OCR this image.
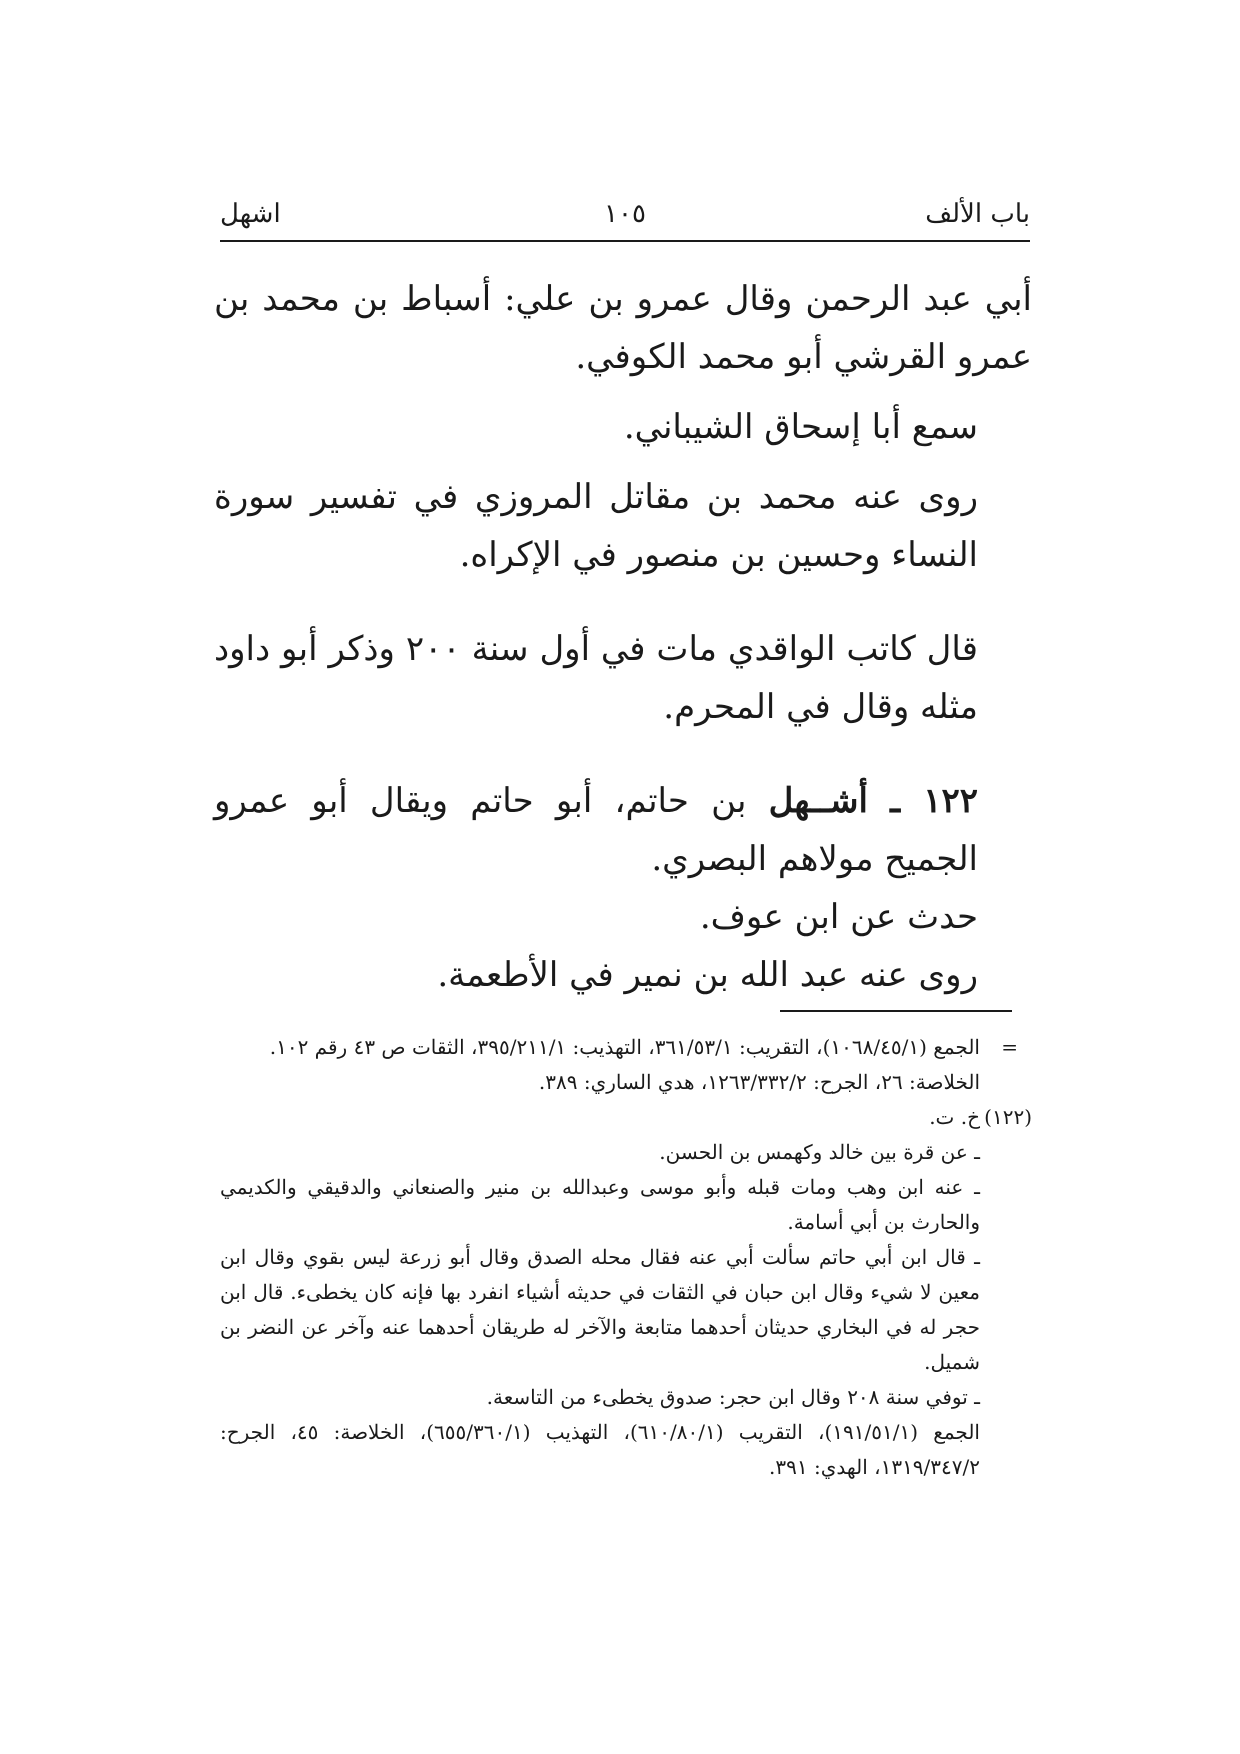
باب الألف
١٠٥
اشهل

أبي عبد الرحمن وقال عمرو بن علي: أسباط بن محمد بن عمرو القرشي أبو محمد الكوفي.

سمع أبا إسحاق الشيباني.

روى عنه محمد بن مقاتل المروزي في تفسير سورة النساء وحسين بن منصور في الإكراه.

قال كاتب الواقدي مات في أول سنة ٢٠٠ وذكر أبو داود مثله وقال في المحرم.

١٢٢ ـ أشــهل بن حاتم، أبو حاتم ويقال أبو عمرو الجميح مولاهم البصري.

حدث عن ابن عوف.

روى عنه عبد الله بن نمير في الأطعمة.

=
الجمع (١٠٦٨/٤٥/١)، التقريب: ٣٦١/٥٣/١، التهذيب: ٣٩٥/٢١١/١، الثقات ص ٤٣ رقم ١٠٢.

الخلاصة: ٢٦، الجرح: ١٢٦٣/٣٣٢/٢، هدي الساري: ٣٨٩.

(١٢٢)
خ. ت.

ـ عن قرة بين خالد وكهمس بن الحسن.

ـ عنه ابن وهب ومات قبله وأبو موسى وعبدالله بن منير والصنعاني والدقيقي والكديمي والحارث بن أبي أسامة.

ـ قال ابن أبي حاتم سألت أبي عنه فقال محله الصدق وقال أبو زرعة ليس بقوي وقال ابن معين لا شيء وقال ابن حبان في الثقات في حديثه أشياء انفرد بها فإنه كان يخطىء. قال ابن حجر له في البخاري حديثان أحدهما متابعة والآخر له طريقان أحدهما عنه وآخر عن النضر بن شميل.

ـ توفي سنة ٢٠٨ وقال ابن حجر: صدوق يخطىء من التاسعة.

الجمع (١٩١/٥١/١)، التقريب (٦١٠/٨٠/١)، التهذيب (٦٥٥/٣٦٠/١)، الخلاصة: ٤٥، الجرح: ١٣١٩/٣٤٧/٢، الهدي: ٣٩١.
